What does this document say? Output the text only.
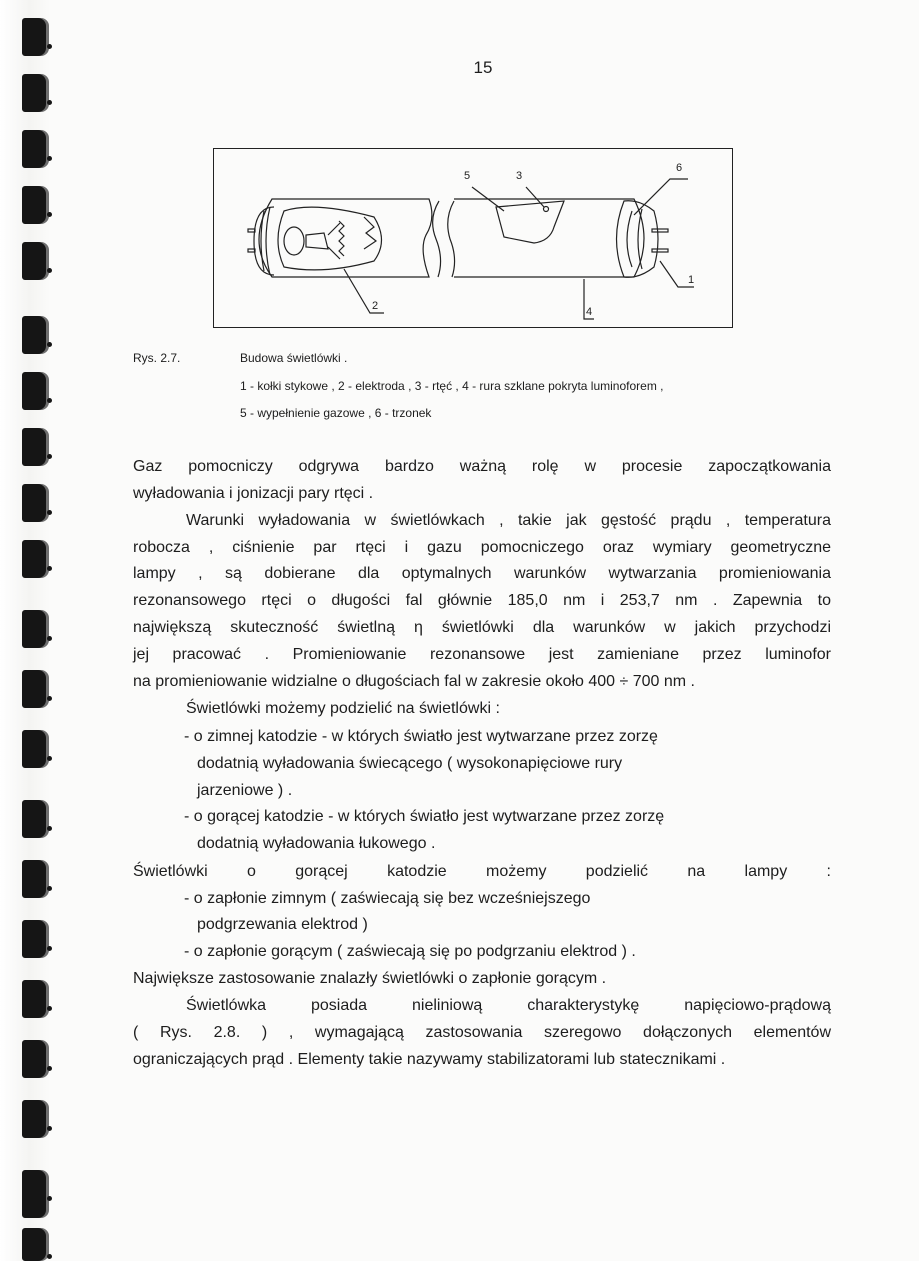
15
5	3
6
1
2	4
Rys. 2.7.	Budowa świetlówki .
1 - kołki stykowe , 2 - elektroda , 3 - rtęć , 4 - rura szklane pokryta luminoforem ,
5 - wypełnienie gazowe , 6 - trzonek
Gaz pomocniczy odgrywa bardzo ważną rolę w procesie zapoczątkowania
wyładowania i jonizacji pary rtęci .
Warunki wyładowania w świetlówkach , takie jak gęstość prądu , temperatura
robocza , ciśnienie par rtęci i gazu pomocniczego oraz wymiary geometryczne
lampy , są dobierane dla optymalnych warunków wytwarzania promieniowania
rezonansowego rtęci o długości fal głównie 185,0 nm i 253,7 nm . Zapewnia to
największą skuteczność świetlną η świetlówki dla warunków w jakich przychodzi
jej pracować . Promieniowanie rezonansowe jest zamieniane przez luminofor
na promieniowanie widzialne o długościach fal w zakresie około 400 ÷ 700 nm .
Świetlówki możemy podzielić na świetlówki :
- o zimnej katodzie - w których światło jest wytwarzane przez zorzę
dodatnią wyładowania świecącego ( wysokonapięciowe rury
jarzeniowe ) .
- o gorącej katodzie - w których światło jest wytwarzane przez zorzę
dodatnią wyładowania łukowego .
Świetlówki o gorącej katodzie możemy podzielić na lampy :
- o zapłonie zimnym ( zaświecają się bez wcześniejszego
podgrzewania elektrod )
- o zapłonie gorącym ( zaświecają się po podgrzaniu elektrod ) .
Największe zastosowanie znalazły świetlówki o zapłonie gorącym .
Świetlówka posiada nieliniową charakterystykę napięciowo-prądową
( Rys. 2.8. ) , wymagającą zastosowania szeregowo dołączonych elementów
ograniczających prąd . Elementy takie nazywamy stabilizatorami lub statecznikami .
